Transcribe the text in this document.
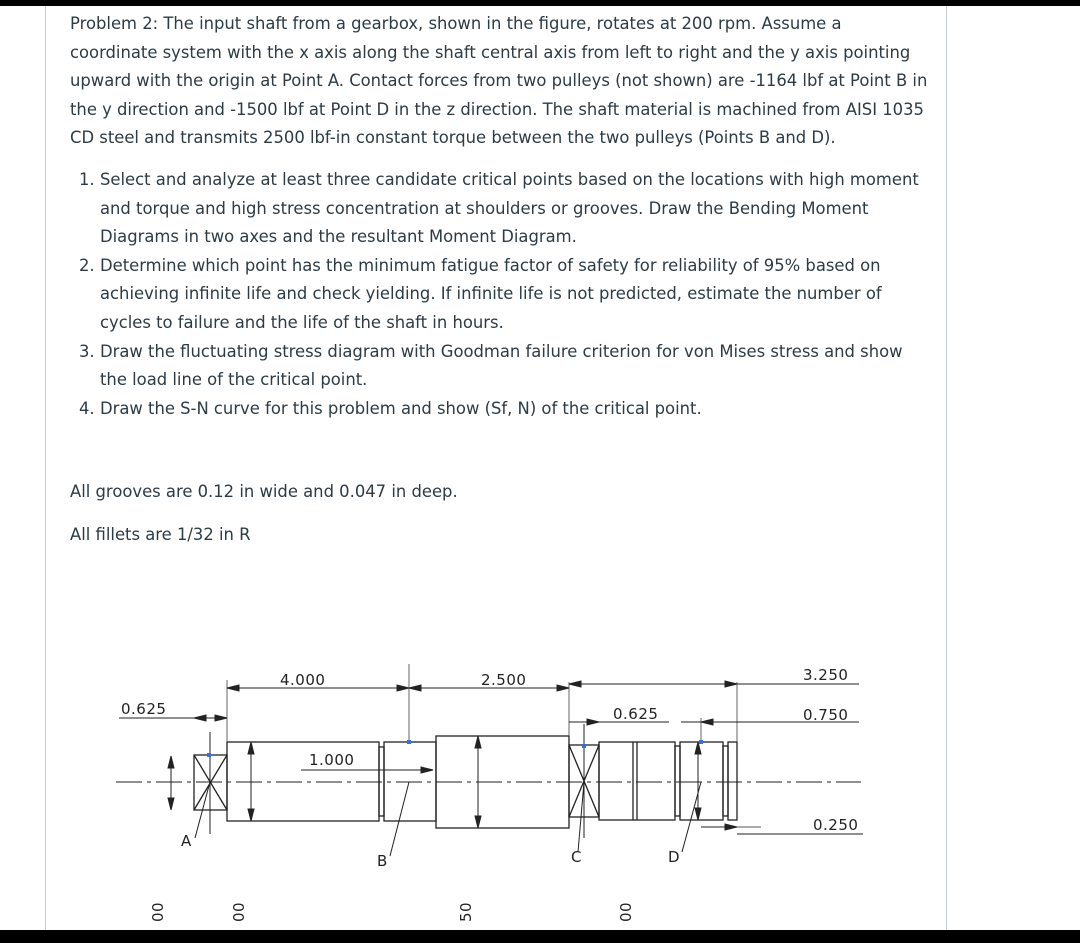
Problem 2: The input shaft from a gearbox, shown in the figure, rotates at 200 rpm. Assume a coordinate system with the x axis along the shaft central axis from left to right and the y axis pointing upward with the origin at Point A. Contact forces from two pulleys (not shown) are -1164 lbf at Point B in the y direction and -1500 lbf at Point D in the z direction. The shaft material is machined from AISI 1035 CD steel and transmits 2500 lbf-in constant torque between the two pulleys (Points B and D).

1. Select and analyze at least three candidate critical points based on the locations with high moment and torque and high stress concentration at shoulders or grooves. Draw the Bending Moment Diagrams in two axes and the resultant Moment Diagram.
2. Determine which point has the minimum fatigue factor of safety for reliability of 95% based on achieving infinite life and check yielding. If infinite life is not predicted, estimate the number of cycles to failure and the life of the shaft in hours.
3. Draw the fluctuating stress diagram with Goodman failure criterion for von Mises stress and show the load line of the critical point.
4. Draw the S-N curve for this problem and show (Sf, N) of the critical point.

All grooves are 0.12 in wide and 0.047 in deep.

All fillets are 1/32 in R

4.000	2.500	3.250
0.625	0.625	0.750
1.000
0.250
A
B	C	D
00	00	50	00
